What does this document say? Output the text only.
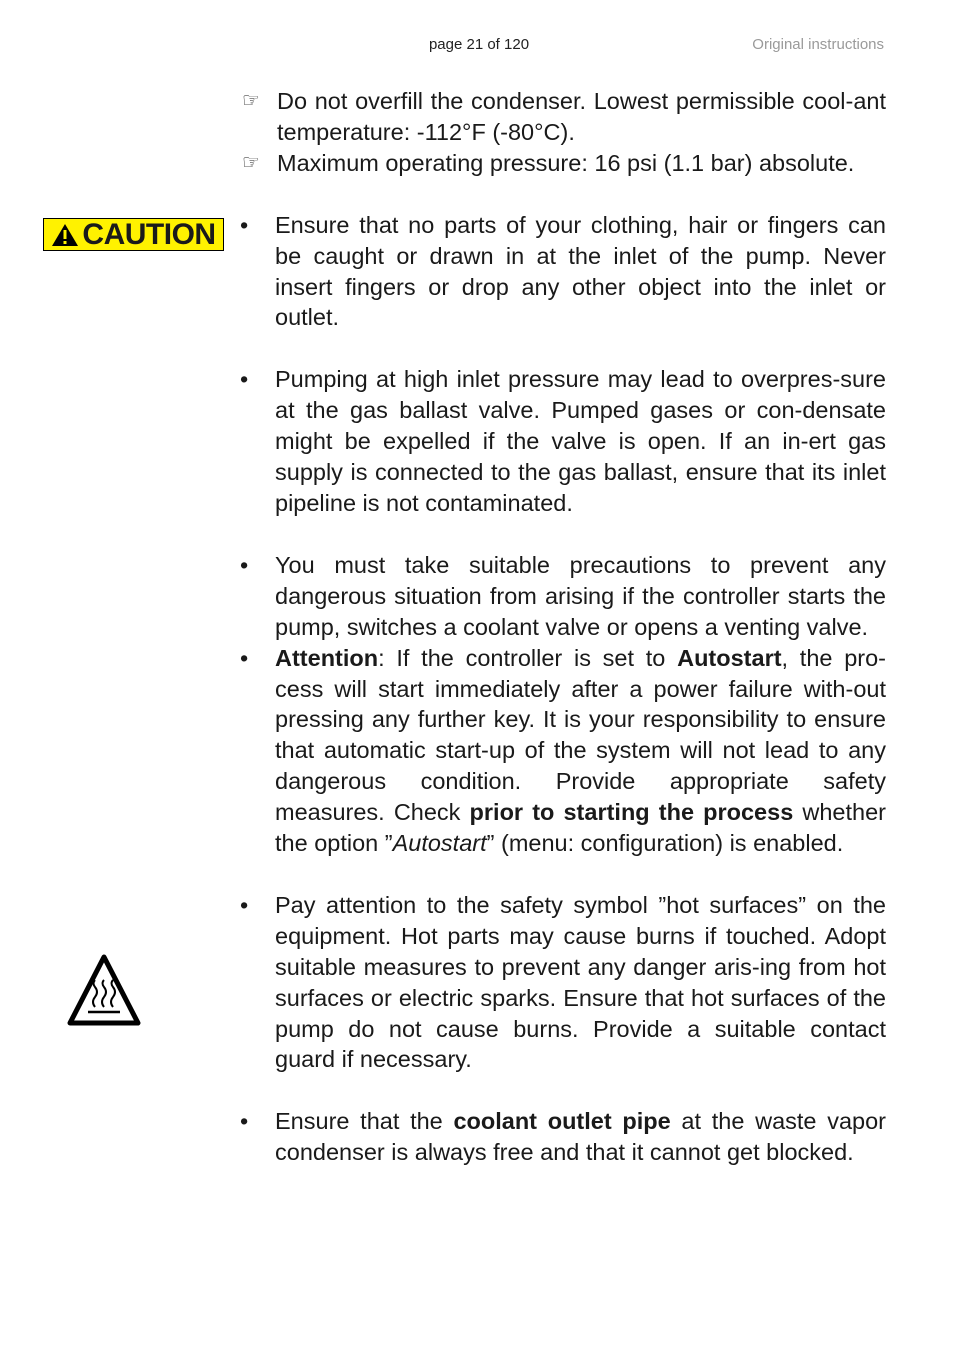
page 21 of 120	Original instructions
CAUTION
☞ Do not overfill the condenser. Lowest permissible cool-ant temperature: -112°F (-80°C).
☞ Maximum operating pressure: 16 psi (1.1 bar) absolute.
•	Ensure that no parts of your clothing, hair or fingers can be caught or drawn in at the inlet of the pump. Never insert fingers or drop any other object into the inlet or outlet.
•	Pumping at high inlet pressure may lead to overpres-sure at the gas ballast valve. Pumped gases or con-densate might be expelled if the valve is open. If an in-ert gas supply is connected to the gas ballast, ensure that its inlet pipeline is not contaminated.
•	You must take suitable precautions to prevent any dangerous situation from arising if the controller starts the pump, switches a coolant valve or opens a venting valve.
•	Attention: If the controller is set to Autostart, the pro-cess will start immediately after a power failure with-out pressing any further key. It is your responsibility to ensure that automatic start-up of the system will not lead to any dangerous condition. Provide appropriate safety measures. Check prior to starting the process whether the option ”Autostart” (menu: configuration) is enabled.
•	Pay attention to the safety symbol ”hot surfaces” on the equipment. Hot parts may cause burns if touched. Adopt suitable measures to prevent any danger aris-ing from hot surfaces or electric sparks. Ensure that hot surfaces of the pump do not cause burns. Provide a suitable contact guard if necessary.
•	Ensure that the coolant outlet pipe at the waste vapor condenser is always free and that it cannot get blocked.
